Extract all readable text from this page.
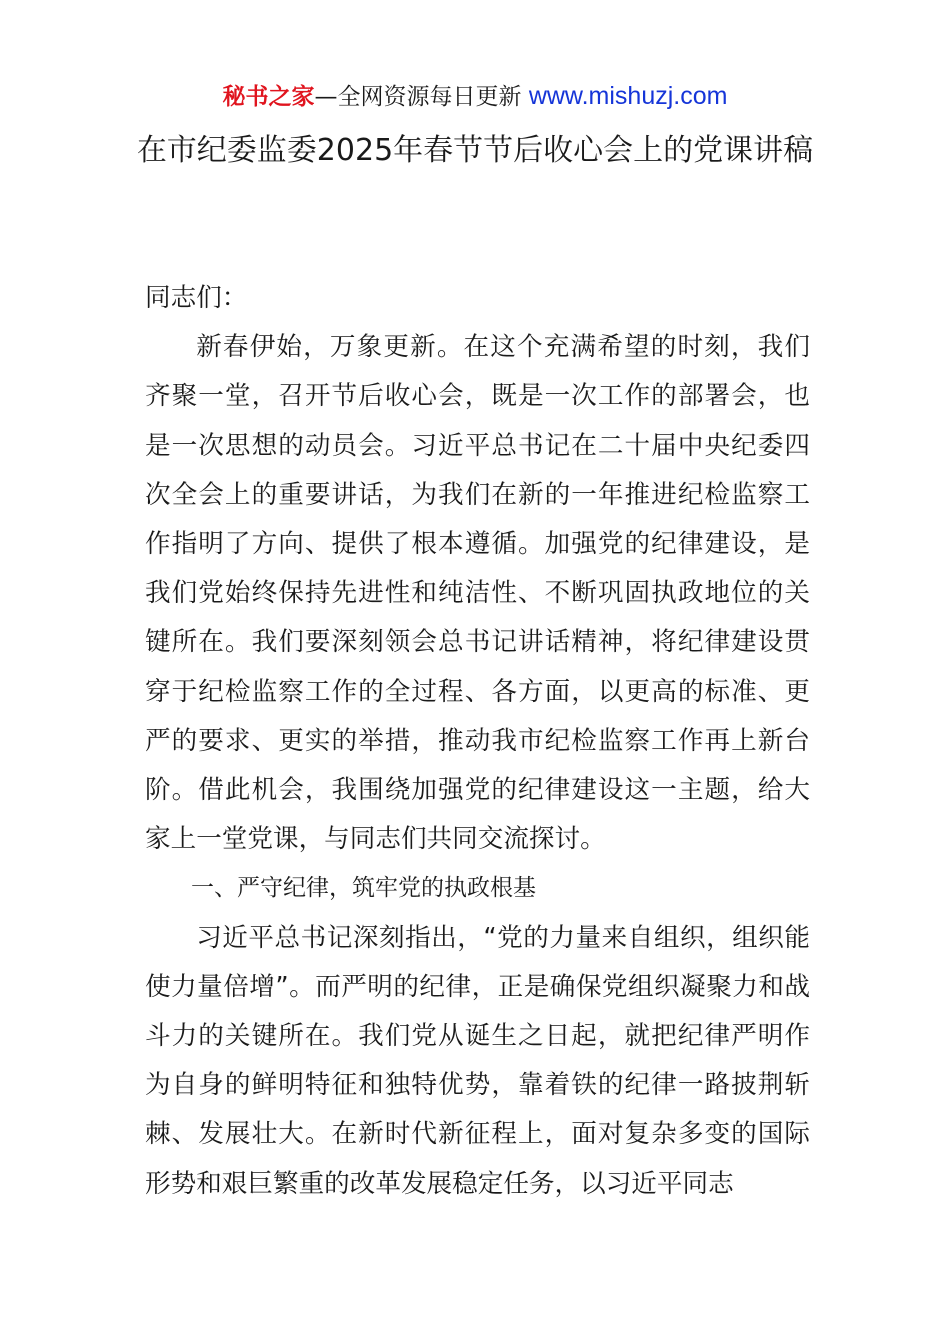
秘书之家—全网资源每日更新 www.mishuzj.com
在市纪委监委2025年春节节后收心会上的党课讲稿

同志们：

新春伊始，万象更新。在这个充满希望的时刻，我们齐聚一堂，召开节后收心会，既是一次工作的部署会，也是一次思想的动员会。习近平总书记在二十届中央纪委四次全会上的重要讲话，为我们在新的一年推进纪检监察工作指明了方向、提供了根本遵循。加强党的纪律建设，是我们党始终保持先进性和纯洁性、不断巩固执政地位的关键所在。我们要深刻领会总书记讲话精神，将纪律建设贯穿于纪检监察工作的全过程、各方面，以更高的标准、更严的要求、更实的举措，推动我市纪检监察工作再上新台阶。借此机会，我围绕加强党的纪律建设这一主题，给大家上一堂党课，与同志们共同交流探讨。

一、严守纪律，筑牢党的执政根基

习近平总书记深刻指出，“党的力量来自组织，组织能使力量倍增”。而严明的纪律，正是确保党组织凝聚力和战斗力的关键所在。我们党从诞生之日起，就把纪律严明作为自身的鲜明特征和独特优势，靠着铁的纪律一路披荆斩棘、发展壮大。在新时代新征程上，面对复杂多变的国际形势和艰巨繁重的改革发展稳定任务，以习近平同志
